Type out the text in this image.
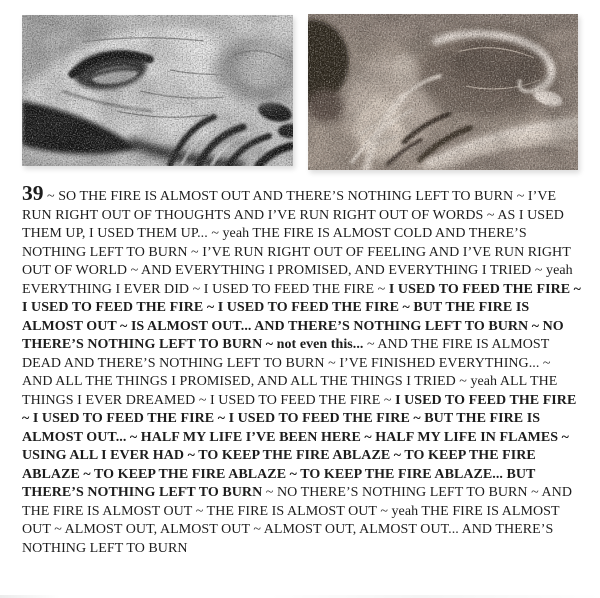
39 ~ SO THE FIRE IS ALMOST OUT AND THERE’S NOTHING LEFT TO BURN ~ I’VE RUN RIGHT OUT OF THOUGHTS AND I’VE RUN RIGHT OUT OF WORDS ~ AS I USED THEM UP, I USED THEM UP... ~ yeah THE FIRE IS ALMOST COLD AND THERE’S NOTHING LEFT TO BURN ~ I’VE RUN RIGHT OUT OF FEELING AND I’VE RUN RIGHT OUT OF WORLD ~ AND EVERYTHING I PROMISED, AND EVERYTHING I TRIED ~ yeah EVERYTHING I EVER DID ~ I USED TO FEED THE FIRE ~ I USED TO FEED THE FIRE ~ I USED TO FEED THE FIRE ~ I USED TO FEED THE FIRE ~ BUT THE FIRE IS ALMOST OUT ~ IS ALMOST OUT... AND THERE’S NOTHING LEFT TO BURN ~ NO THERE’S NOTHING LEFT TO BURN ~ not even this... ~ AND THE FIRE IS ALMOST DEAD AND THERE’S NOTHING LEFT TO BURN ~ I’VE FINISHED EVERYTHING... ~ AND ALL THE THINGS I PROMISED, AND ALL THE THINGS I TRIED ~ yeah ALL THE THINGS I EVER DREAMED ~ I USED TO FEED THE FIRE ~ I USED TO FEED THE FIRE ~ I USED TO FEED THE FIRE ~ I USED TO FEED THE FIRE ~ BUT THE FIRE IS ALMOST OUT... ~ HALF MY LIFE I’VE BEEN HERE ~ HALF MY LIFE IN FLAMES ~ USING ALL I EVER HAD ~ TO KEEP THE FIRE ABLAZE ~ TO KEEP THE FIRE ABLAZE ~ TO KEEP THE FIRE ABLAZE ~ TO KEEP THE FIRE ABLAZE... BUT THERE’S NOTHING LEFT TO BURN ~ NO THERE’S NOTHING LEFT TO BURN ~ AND THE FIRE IS ALMOST OUT ~ THE FIRE IS ALMOST OUT ~ yeah THE FIRE IS ALMOST OUT ~ ALMOST OUT, ALMOST OUT ~ ALMOST OUT, ALMOST OUT... AND THERE’S NOTHING LEFT TO BURN
